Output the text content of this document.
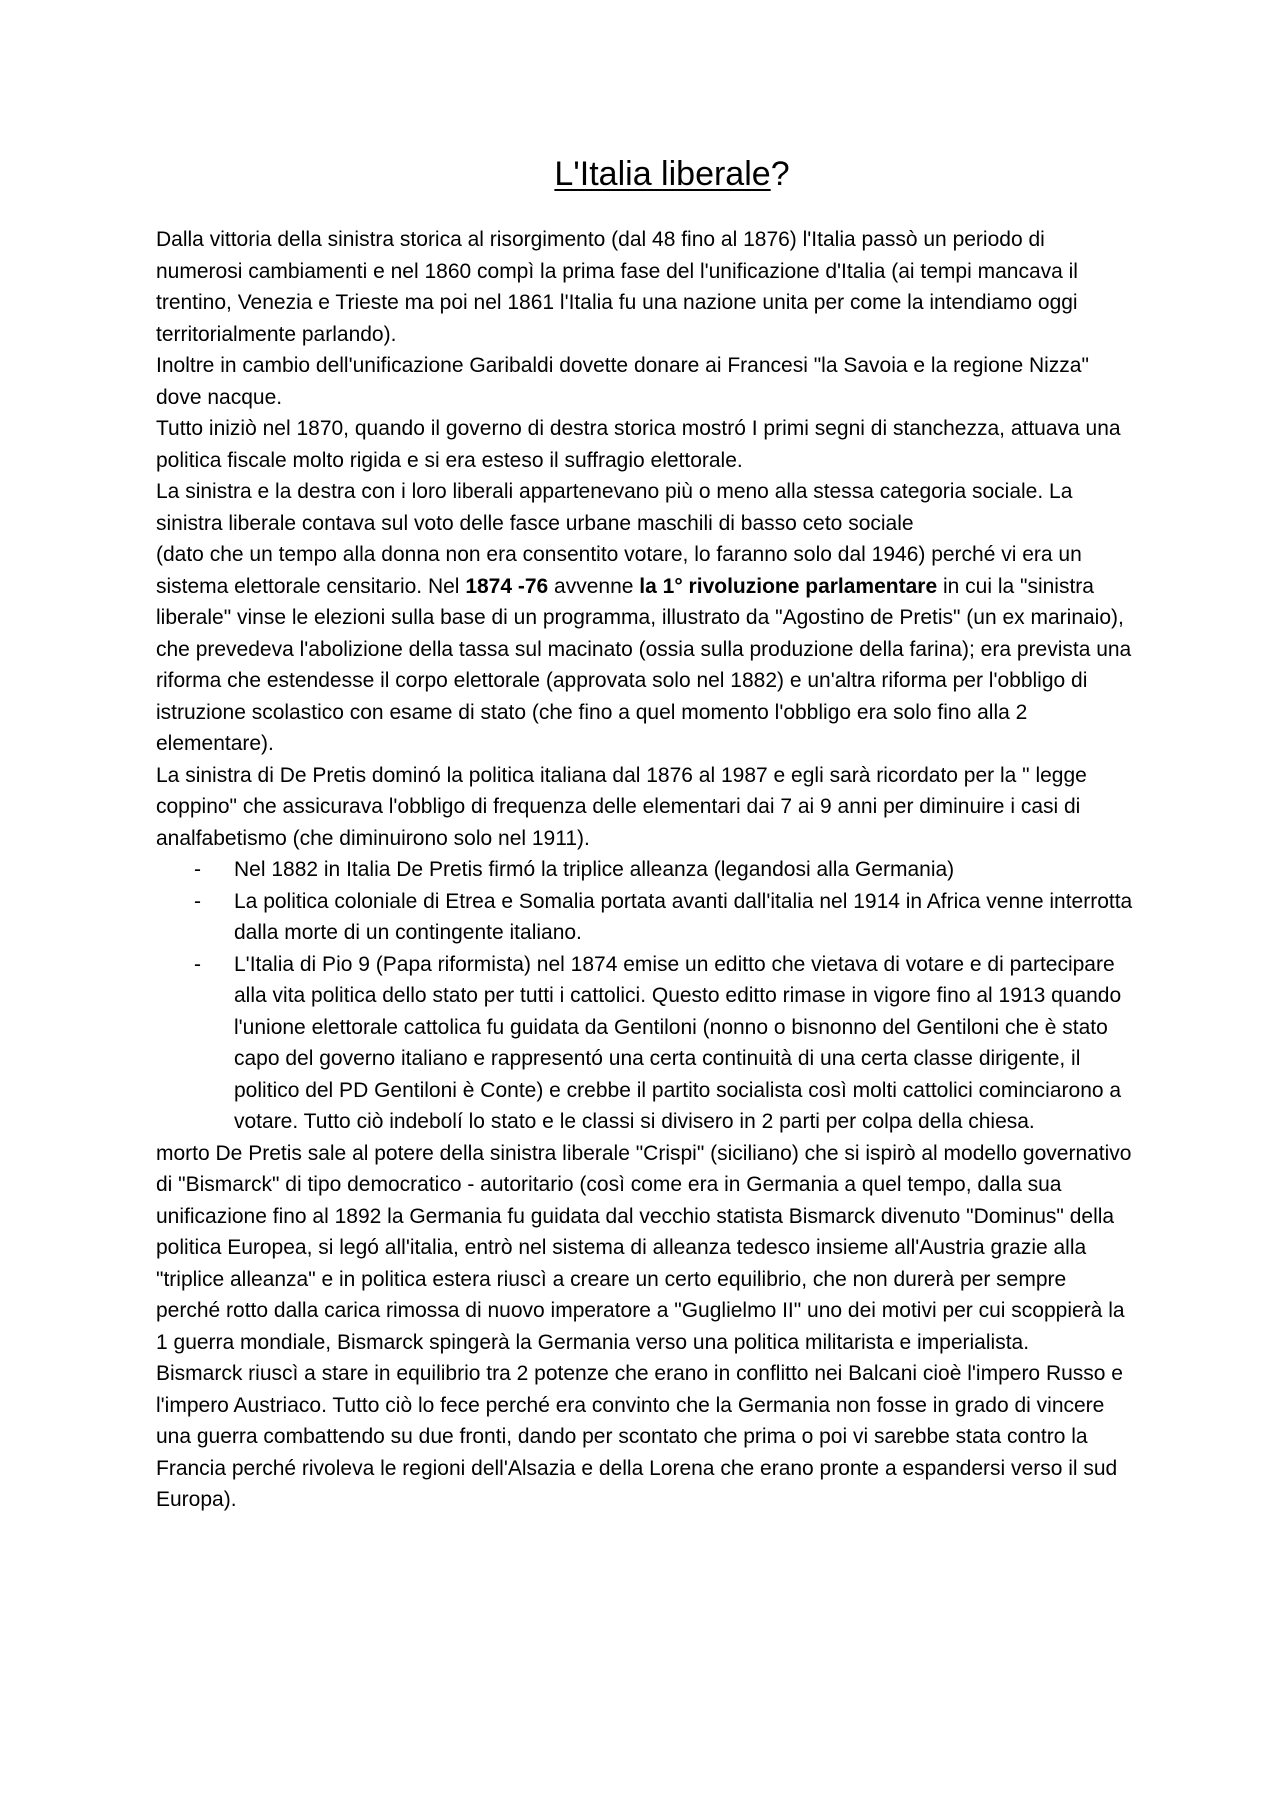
L'Italia liberale?

Dalla vittoria della sinistra storica al risorgimento (dal 48 fino al 1876) l'Italia passò un periodo di numerosi cambiamenti e nel 1860 compì la prima fase del l'unificazione d'Italia (ai tempi mancava il trentino, Venezia e Trieste ma poi nel 1861 l'Italia fu una nazione unita per come la intendiamo oggi territorialmente parlando).

Inoltre in cambio dell'unificazione Garibaldi dovette donare ai Francesi "la Savoia e la regione Nizza" dove nacque.

Tutto iniziò nel 1870, quando il governo di destra storica mostró I primi segni di stanchezza, attuava una politica fiscale molto rigida e si era esteso il suffragio elettorale.

La sinistra e la destra con i loro liberali appartenevano più o meno alla stessa categoria sociale. La sinistra liberale contava sul voto delle fasce urbane maschili di basso ceto sociale

(dato che un tempo alla donna non era consentito votare, lo faranno solo dal 1946) perché vi era un sistema elettorale censitario. Nel 1874 -76 avvenne la 1° rivoluzione parlamentare in cui la "sinistra liberale" vinse le elezioni sulla base di un programma, illustrato da "Agostino de Pretis" (un ex marinaio), che prevedeva l'abolizione della tassa sul macinato (ossia sulla produzione della farina); era prevista una riforma che estendesse il corpo elettorale (approvata solo nel 1882) e un'altra riforma per l'obbligo di istruzione scolastico con esame di stato (che fino a quel momento l'obbligo era solo fino alla 2 elementare).

La sinistra di De Pretis dominó la politica italiana dal 1876 al 1987 e egli sarà ricordato per la " legge coppino" che assicurava l'obbligo di frequenza delle elementari dai 7 ai 9 anni per diminuire i casi di analfabetismo (che diminuirono solo nel 1911).

- Nel 1882 in Italia De Pretis firmó la triplice alleanza (legandosi alla Germania)
- La politica coloniale di Etrea e Somalia portata avanti dall'italia nel 1914 in Africa venne interrotta dalla morte di un contingente italiano.
- L'Italia di Pio 9 (Papa riformista) nel 1874 emise un editto che vietava di votare e di partecipare alla vita politica dello stato per tutti i cattolici. Questo editto rimase in vigore fino al 1913 quando l'unione elettorale cattolica fu guidata da Gentiloni (nonno o bisnonno del Gentiloni che è stato capo del governo italiano e rappresentó una certa continuità di una certa classe dirigente, il politico del PD Gentiloni è Conte) e crebbe il partito socialista così molti cattolici cominciarono a votare. Tutto ciò indebolí lo stato e le classi si divisero in 2 parti per colpa della chiesa.

morto De Pretis sale al potere della sinistra liberale "Crispi" (siciliano) che si ispirò al modello governativo di "Bismarck" di tipo democratico - autoritario (così come era in Germania a quel tempo, dalla sua unificazione fino al 1892 la Germania fu guidata dal vecchio statista Bismarck divenuto "Dominus" della politica Europea, si legó all'italia, entrò nel sistema di alleanza tedesco insieme all'Austria grazie alla "triplice alleanza" e in politica estera riuscì a creare un certo equilibrio, che non durerà per sempre perché rotto dalla carica rimossa di nuovo imperatore a "Guglielmo II" uno dei motivi per cui scoppierà la 1 guerra mondiale, Bismarck spingerà la Germania verso una politica militarista e imperialista.

Bismarck riuscì a stare in equilibrio tra 2 potenze che erano in conflitto nei Balcani cioè l'impero Russo e l'impero Austriaco. Tutto ciò lo fece perché era convinto che la Germania non fosse in grado di vincere una guerra combattendo su due fronti, dando per scontato che prima o poi vi sarebbe stata contro la Francia perché rivoleva le regioni dell'Alsazia e della Lorena che erano pronte a espandersi verso il sud Europa).
